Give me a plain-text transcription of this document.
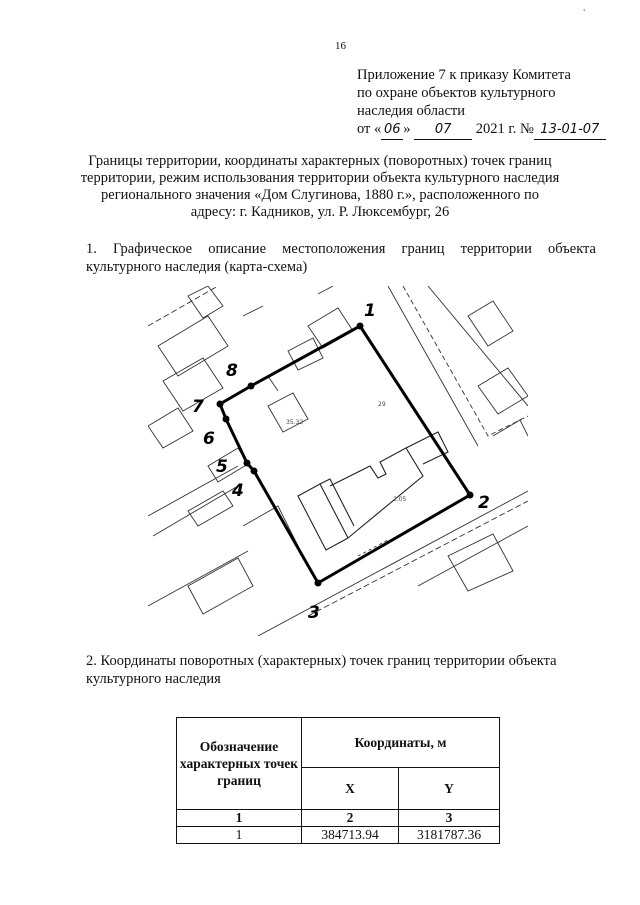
'
16
Приложение 7 к приказу Комитета
по охране объектов культурного
наследия области
от « 06 » 07 2021 г. № 13-01-07
Границы территории, координаты характерных (поворотных) точек границ территории, режим использования территории объекта культурного наследия регионального значения «Дом Слугинова, 1880 г.», расположенного по адресу: г. Кадников, ул. Р. Люксембург, 26
1. Графическое описание местоположения границ территории объекта культурного наследия (карта-схема)
1
2
3
4
5
6
7
8
35.32
2.05
29
2. Координаты поворотных (характерных) точек границ территории объекта культурного наследия
Обозначение характерных точек границ	Координаты, м	
	X	Y
1	2	3
1	384713.94	3181787.36
